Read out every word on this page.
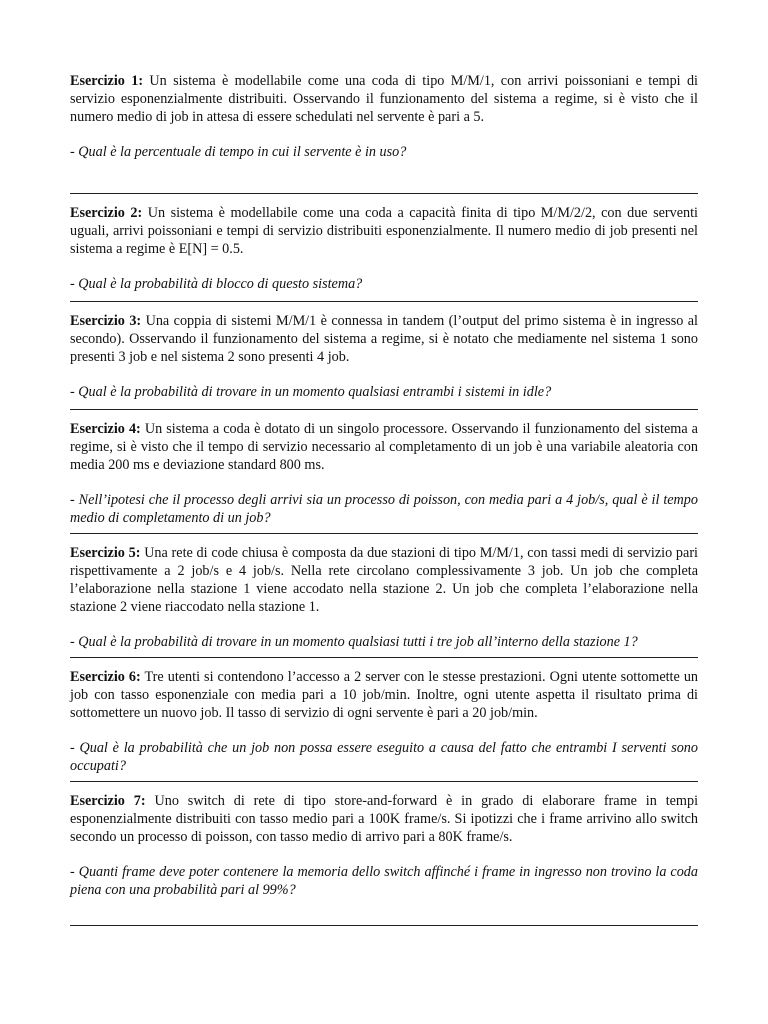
Esercizio 1: Un sistema è modellabile come una coda di tipo M/M/1, con arrivi poissoniani e tempi di servizio esponenzialmente distribuiti. Osservando il funzionamento del sistema a regime, si è visto che il numero medio di job in attesa di essere schedulati nel servente è pari a 5.

- Qual è la percentuale di tempo in cui il servente è in uso?

Esercizio 2: Un sistema è modellabile come una coda a capacità finita di tipo M/M/2/2, con due serventi uguali, arrivi poissoniani e tempi di servizio distribuiti esponenzialmente. Il numero medio di job presenti nel sistema a regime è E[N] = 0.5.

- Qual è la probabilità di blocco di questo sistema?

Esercizio 3: Una coppia di sistemi M/M/1 è connessa in tandem (l’output del primo sistema è in ingresso al secondo). Osservando il funzionamento del sistema a regime, si è notato che mediamente nel sistema 1 sono presenti 3 job e nel sistema 2 sono presenti 4 job.

- Qual è la probabilità di trovare in un momento qualsiasi entrambi i sistemi in idle?

Esercizio 4: Un sistema a coda è dotato di un singolo processore. Osservando il funzionamento del sistema a regime, si è visto che il tempo di servizio necessario al completamento di un job è una variabile aleatoria con media 200 ms e deviazione standard 800 ms.

- Nell’ipotesi che il processo degli arrivi sia un processo di poisson, con media pari a 4 job/s, qual è il tempo medio di completamento di un job?

Esercizio 5: Una rete di code chiusa è composta da due stazioni di tipo M/M/1, con tassi medi di servizio pari rispettivamente a 2 job/s e 4 job/s. Nella rete circolano complessivamente 3 job. Un job che completa l’elaborazione nella stazione 1 viene accodato nella stazione 2. Un job che completa l’elaborazione nella stazione 2 viene riaccodato nella stazione 1.

- Qual è la probabilità di trovare in un momento qualsiasi tutti i tre job all’interno della stazione 1?

Esercizio 6: Tre utenti si contendono l’accesso a 2 server con le stesse prestazioni. Ogni utente sottomette un job con tasso esponenziale con media pari a 10 job/min. Inoltre, ogni utente aspetta il risultato prima di sottomettere un nuovo job. Il tasso di servizio di ogni servente è pari a 20 job/min.

- Qual è la probabilità che un job non possa essere eseguito a causa del fatto che entrambi I serventi sono occupati?

Esercizio 7: Uno switch di rete di tipo store-and-forward è in grado di elaborare frame in tempi esponenzialmente distribuiti con tasso medio pari a 100K frame/s. Si ipotizzi che i frame arrivino allo switch secondo un processo di poisson, con tasso medio di arrivo pari a 80K frame/s.

- Quanti frame deve poter contenere la memoria dello switch affinché i frame in ingresso non trovino la coda piena con una probabilità pari al 99%?
